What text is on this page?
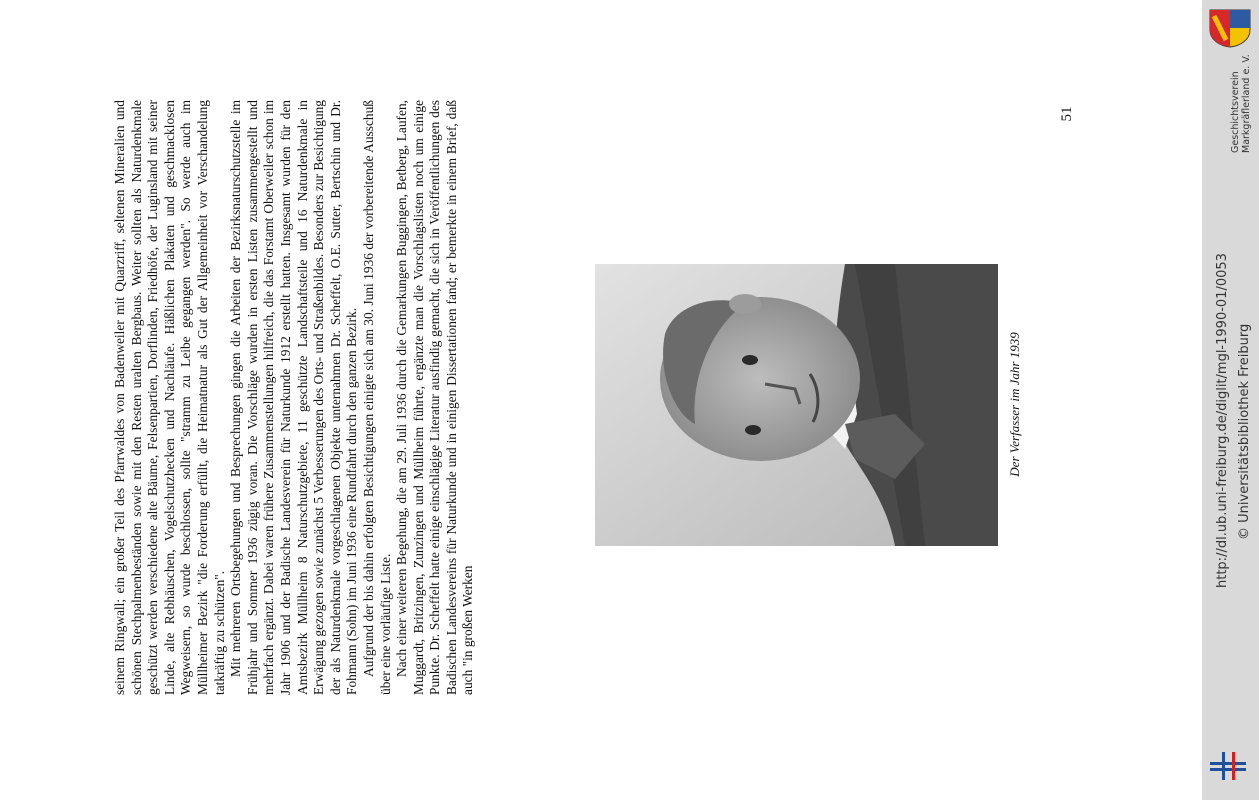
seinem Ringwall; ein großer Teil des Pfarrwaldes von Badenweiler mit Quarzriff, seltenen Mineralien und schönen Stechpalmenbeständen sowie mit den Resten uralten Bergbaus. Weiter sollten als Naturdenkmale geschützt werden verschiedene alte Bäume, Felsenpartien, Dorflinden, Friedhöfe, der Luginsland mit seiner Linde, alte Rebhäuschen, Vogelschutzhecken und Nachläufe. Häßlichen Plakaten und geschmacklosen Wegweisern, so wurde beschlossen, sollte "stramm zu Leibe gegangen werden". So werde auch im Müllheimer Bezirk "die Forderung erfüllt, die Heimatnatur als Gut der Allgemeinheit vor Verschandelung tatkräftig zu schützen". Mit mehreren Ortsbegehungen und Besprechungen gingen die Arbeiten der Bezirksnaturschutzstelle im Frühjahr und Sommer 1936 zügig voran. Die Vorschläge wurden in ersten Listen zusammengestellt und mehrfach ergänzt. Dabei waren frühere Zusammenstellungen hilfreich, die das Forstamt Oberweiler schon im Jahr 1906 und der Badische Landesverein für Naturkunde 1912 erstellt hatten. Insgesamt wurden für den Amtsbezirk Müllheim 8 Naturschutzgebiete, 11 geschützte Landschaftsteile und 16 Naturdenkmale in Erwägung gezogen sowie zunächst 5 Verbesserungen des Orts- und Straßenbildes. Besonders zur Besichtigung der als Naturdenkmale vorgeschlagenen Objekte unternahmen Dr. Scheffelt, O.E. Sutter, Bertschin und Dr. Fohmann (Sohn) im Juni 1936 eine Rundfahrt durch den ganzen Bezirk. Aufgrund der bis dahin erfolgten Besichtigungen einigte sich am 30. Juni 1936 der vorbereitende Ausschuß über eine vorläufige Liste. Nach einer weiteren Begehung, die am 29. Juli 1936 durch die Gemarkungen Buggingen, Betberg, Laufen, Muggardt, Britzingen, Zunzingen und Müllheim führte, ergänzte man die Vorschlagslisten noch um einige Punkte. Dr. Scheffelt hatte einige einschlägige Literatur ausfindig gemacht, die sich in Veröffentlichungen des Badischen Landesvereins für Naturkunde und in einigen Dissertationen fand; er bemerkte in einem Brief, daß auch "in großen Werken

Der Verfasser im Jahr 1939
51	Geschichtsverein Markgräflerland e. V.
http://dl.ub.uni-freiburg.de/diglit/mgl-1990-01/0053 © Universitätsbibliothek Freiburg
